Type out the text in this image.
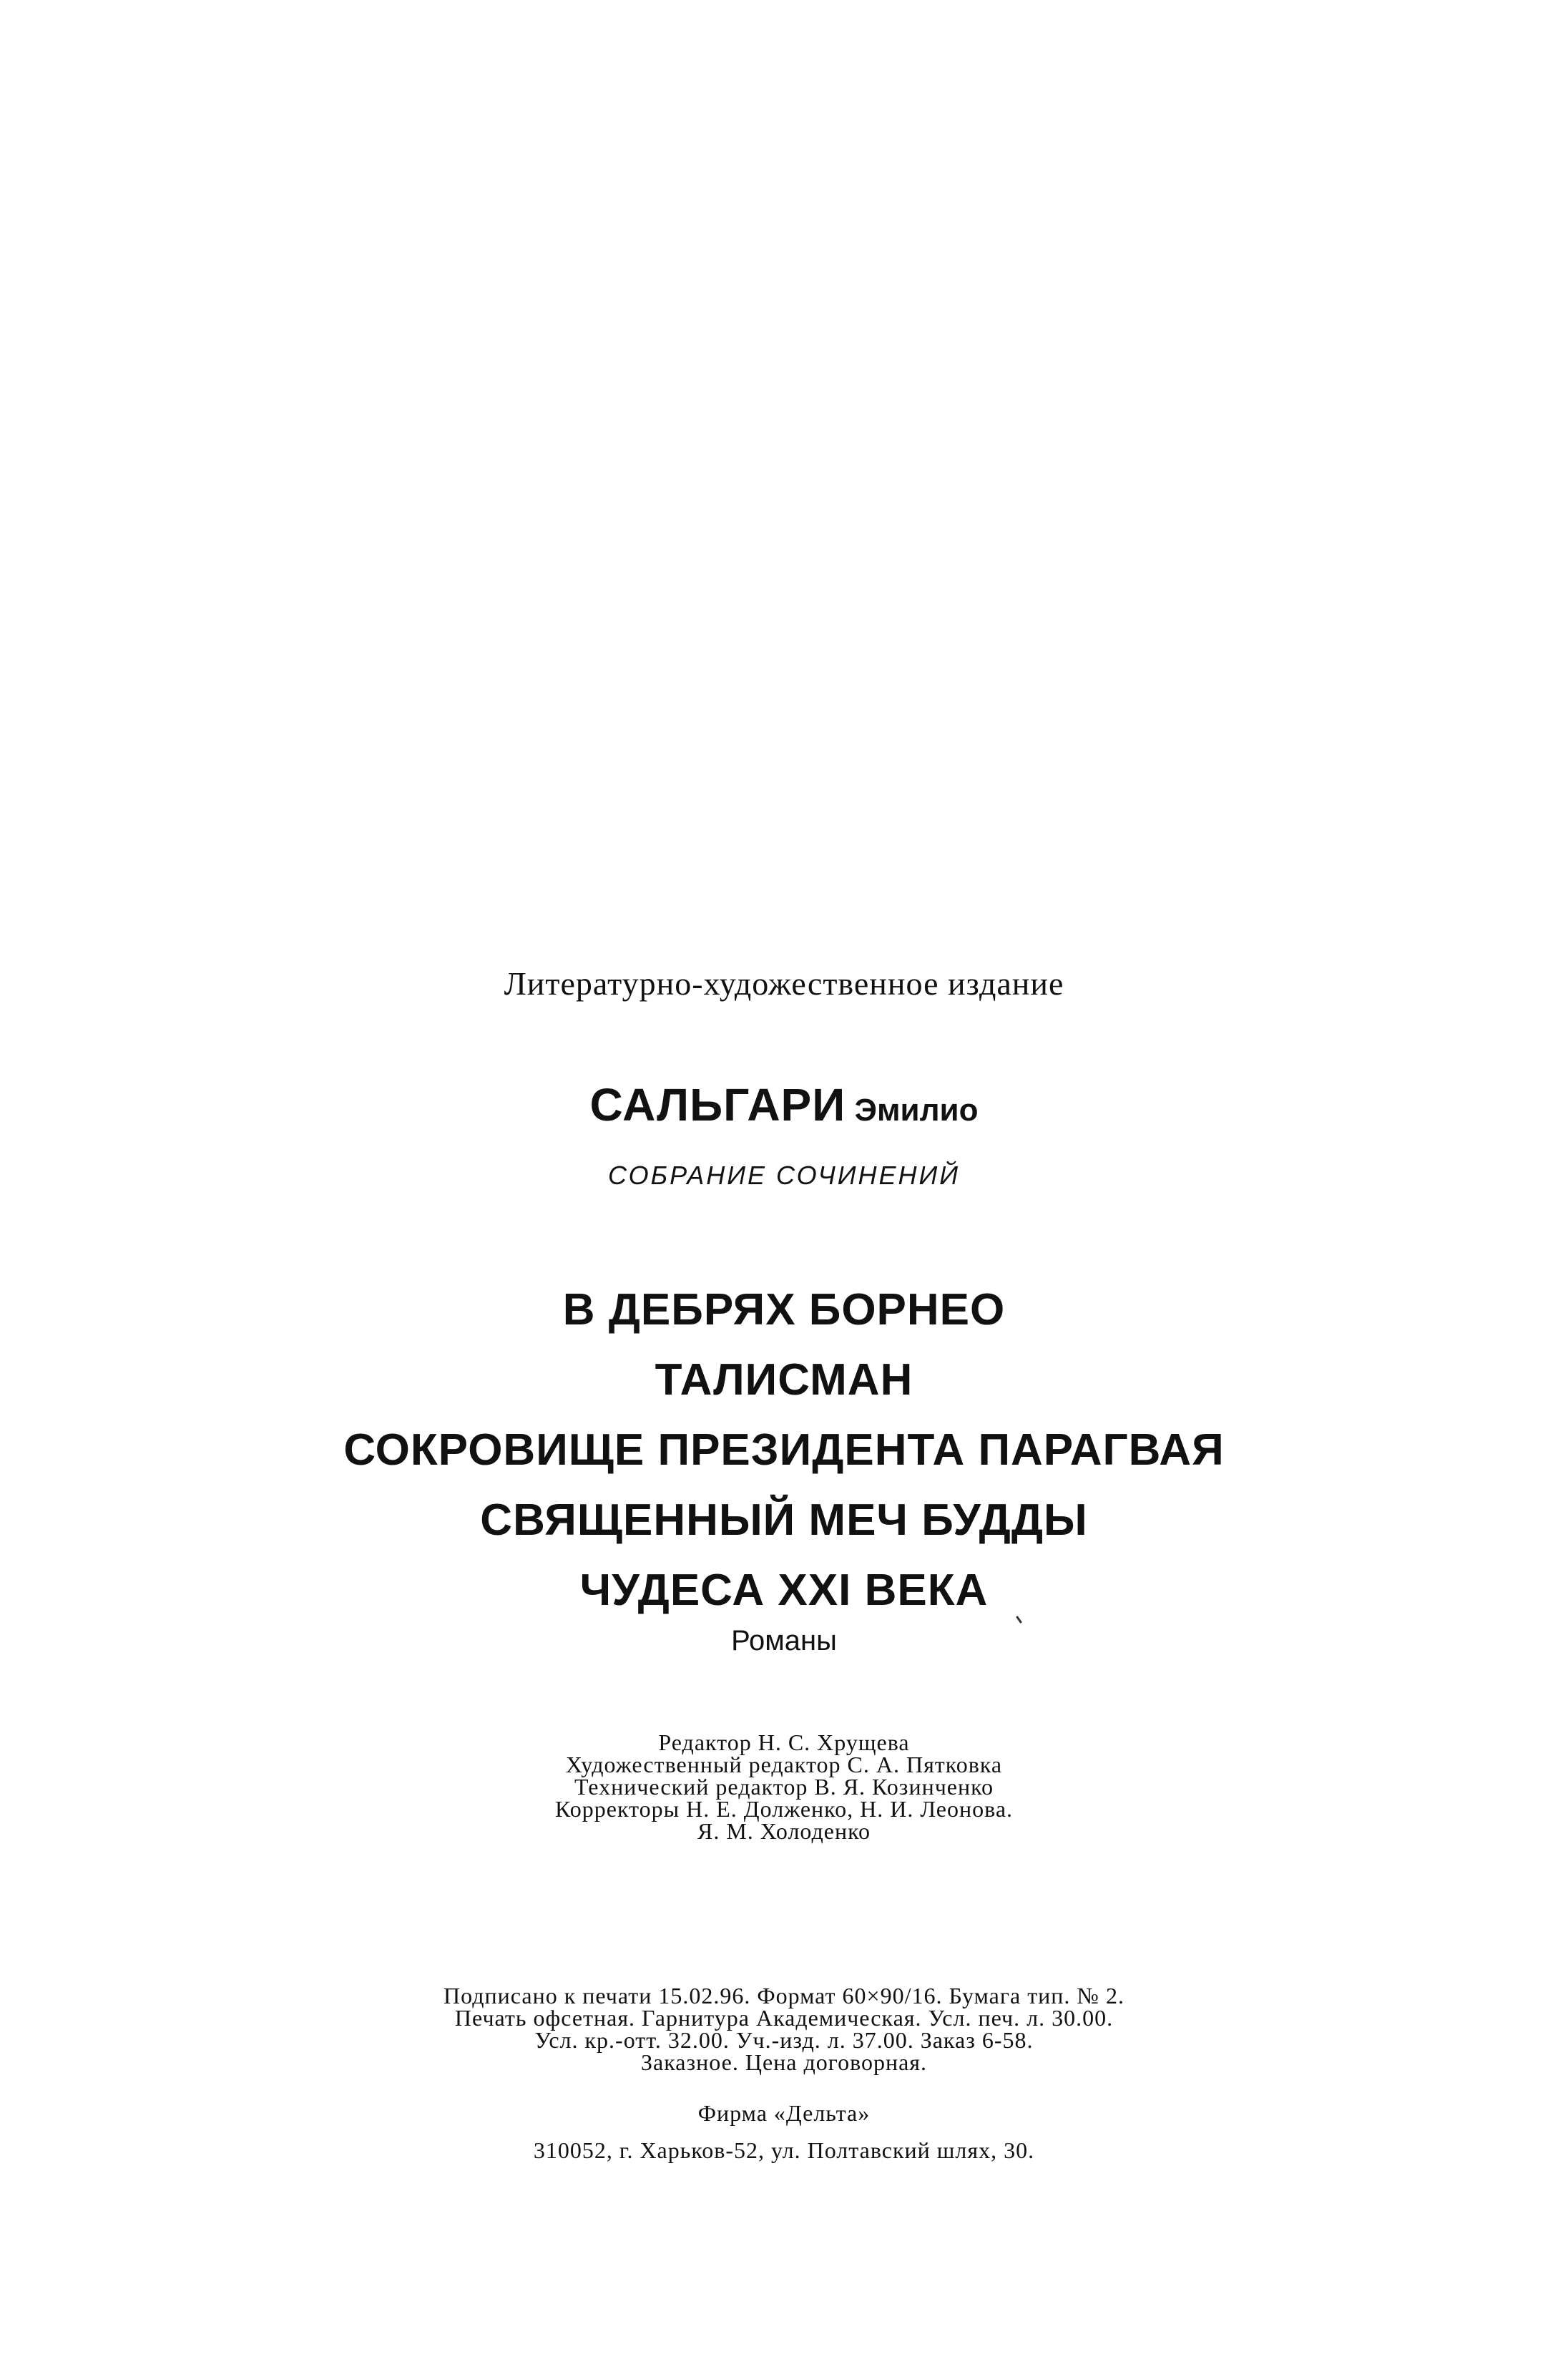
Литературно-художественное издание
САЛЬГАРИ Эмилио
СОБРАНИЕ СОЧИНЕНИЙ
В ДЕБРЯХ БОРНЕО
ТАЛИСМАН
СОКРОВИЩЕ ПРЕЗИДЕНТА ПАРАГВАЯ
СВЯЩЕННЫЙ МЕЧ БУДДЫ
ЧУДЕСА XXI ВЕКА
Романы
Редактор Н. С. Хрущева
Художественный редактор С. А. Пятковка
Технический редактор В. Я. Козинченко
Корректоры Н. Е. Долженко, Н. И. Леонова.
Я. М. Холоденко
Подписано к печати 15.02.96. Формат 60×90/16. Бумага тип. № 2.
Печать офсетная. Гарнитура Академическая. Усл. печ. л. 30.00.
Усл. кр.-отт. 32.00. Уч.-изд. л. 37.00. Заказ 6-58.
Заказное. Цена договорная.
Фирма «Дельта»
310052, г. Харьков-52, ул. Полтавский шлях, 30.
